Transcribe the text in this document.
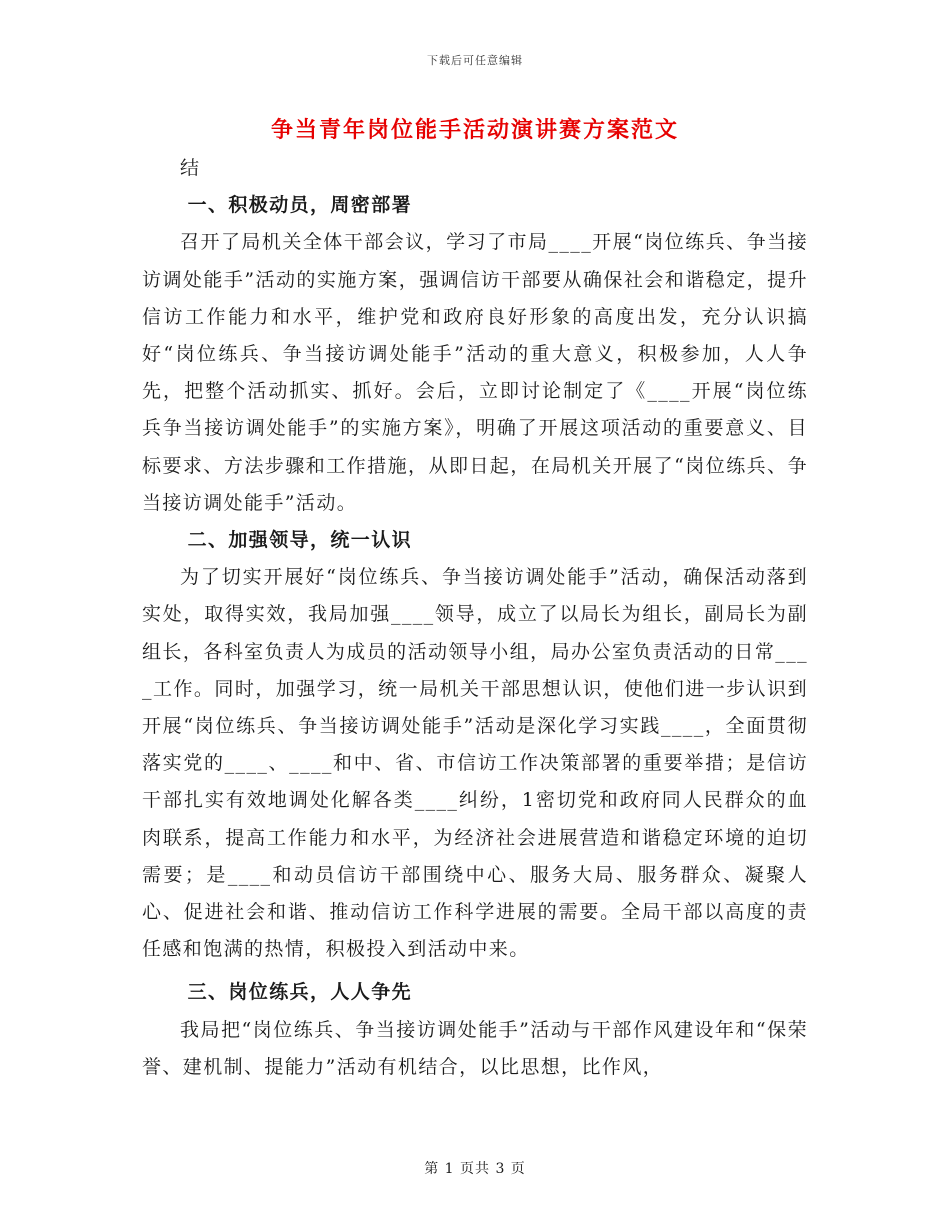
下载后可任意编辑
争当青年岗位能手活动演讲赛方案范文

结

一、积极动员，周密部署

召开了局机关全体干部会议，学习了市局____开展“岗位练兵、争当接访调处能手”活动的实施方案，强调信访干部要从确保社会和谐稳定，提升信访工作能力和水平，维护党和政府良好形象的高度出发，充分认识搞好“岗位练兵、争当接访调处能手”活动的重大意义，积极参加，人人争先，把整个活动抓实、抓好。会后，立即讨论制定了《____开展“岗位练兵争当接访调处能手”的实施方案》，明确了开展这项活动的重要意义、目标要求、方法步骤和工作措施，从即日起，在局机关开展了“岗位练兵、争当接访调处能手”活动。

二、加强领导，统一认识

为了切实开展好“岗位练兵、争当接访调处能手”活动，确保活动落到实处，取得实效，我局加强____领导，成立了以局长为组长，副局长为副组长，各科室负责人为成员的活动领导小组，局办公室负责活动的日常____工作。同时，加强学习，统一局机关干部思想认识，使他们进一步认识到开展“岗位练兵、争当接访调处能手”活动是深化学习实践____，全面贯彻落实党的____、____和中、省、市信访工作决策部署的重要举措；是信访干部扎实有效地调处化解各类____纠纷，1密切党和政府同人民群众的血肉联系，提高工作能力和水平，为经济社会进展营造和谐稳定环境的迫切需要；是____和动员信访干部围绕中心、服务大局、服务群众、凝聚人心、促进社会和谐、推动信访工作科学进展的需要。全局干部以高度的责任感和饱满的热情，积极投入到活动中来。

三、岗位练兵，人人争先

我局把“岗位练兵、争当接访调处能手”活动与干部作风建设年和“保荣誉、建机制、提能力”活动有机结合，以比思想，比作风，

第 1 页共 3 页
